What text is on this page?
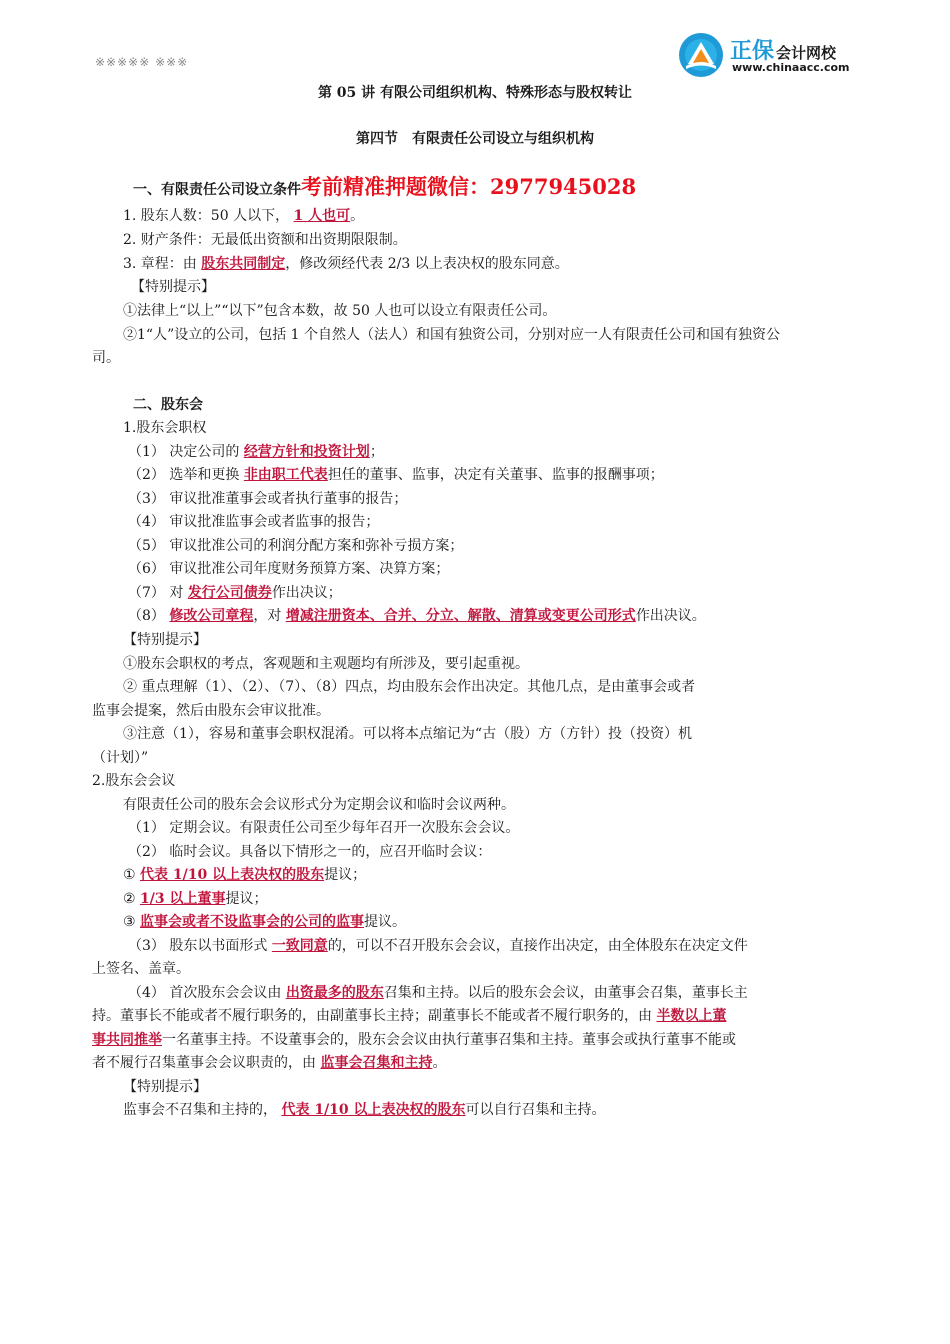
※※※※※ ※※※	正保 会计网校
www.chinaacc.com
第 05 讲 有限公司组织机构、特殊形态与股权转让
第四节　有限责任公司设立与组织机构
一、有限责任公司设立条件考前精准押题微信：2977945028
1. 股东人数：50 人以下， 1 人也可。
2. 财产条件：无最低出资额和出资期限限制。
3. 章程：由 股东共同制定，修改须经代表 2/3 以上表决权的股东同意。
【特别提示】
①法律上“以上”“以下”包含本数，故 50 人也可以设立有限责任公司。
②1“人”设立的公司，包括 1 个自然人（法人）和国有独资公司，分别对应一人有限责任公司和国有独资公
司。
二、股东会
1.股东会职权
（1） 决定公司的 经营方针和投资计划；
（2） 选举和更换 非由职工代表担任的董事、监事，决定有关董事、监事的报酬事项；
（3） 审议批准董事会或者执行董事的报告；
（4） 审议批准监事会或者监事的报告；
（5） 审议批准公司的利润分配方案和弥补亏损方案；
（6） 审议批准公司年度财务预算方案、决算方案；
（7） 对 发行公司债券作出决议；
（8） 修改公司章程，对 增减注册资本、合并、分立、解散、清算或变更公司形式作出决议。
【特别提示】
①股东会职权的考点，客观题和主观题均有所涉及，要引起重视。
② 重点理解（1）、（2）、（7）、（8）四点，均由股东会作出决定。其他几点，是由董事会或者
监事会提案，然后由股东会审议批准。
③注意（1），容易和董事会职权混淆。可以将本点缩记为“古（股）方（方针）投（投资）机
（计划）”
2.股东会会议
有限责任公司的股东会会议形式分为定期会议和临时会议两种。
（1） 定期会议。有限责任公司至少每年召开一次股东会会议。
（2） 临时会议。具备以下情形之一的，应召开临时会议：
① 代表 1/10 以上表决权的股东提议；
② 1/3 以上董事提议；
③ 监事会或者不设监事会的公司的监事提议。
（3） 股东以书面形式 一致同意的，可以不召开股东会会议，直接作出决定，由全体股东在决定文件
上签名、盖章。
（4） 首次股东会会议由 出资最多的股东召集和主持。以后的股东会会议，由董事会召集，董事长主
持。董事长不能或者不履行职务的，由副董事长主持；副董事长不能或者不履行职务的，由 半数以上董
事共同推举一名董事主持。不设董事会的，股东会会议由执行董事召集和主持。董事会或执行董事不能或
者不履行召集董事会会议职责的，由 监事会召集和主持。
【特别提示】
监事会不召集和主持的， 代表 1/10 以上表决权的股东可以自行召集和主持。
